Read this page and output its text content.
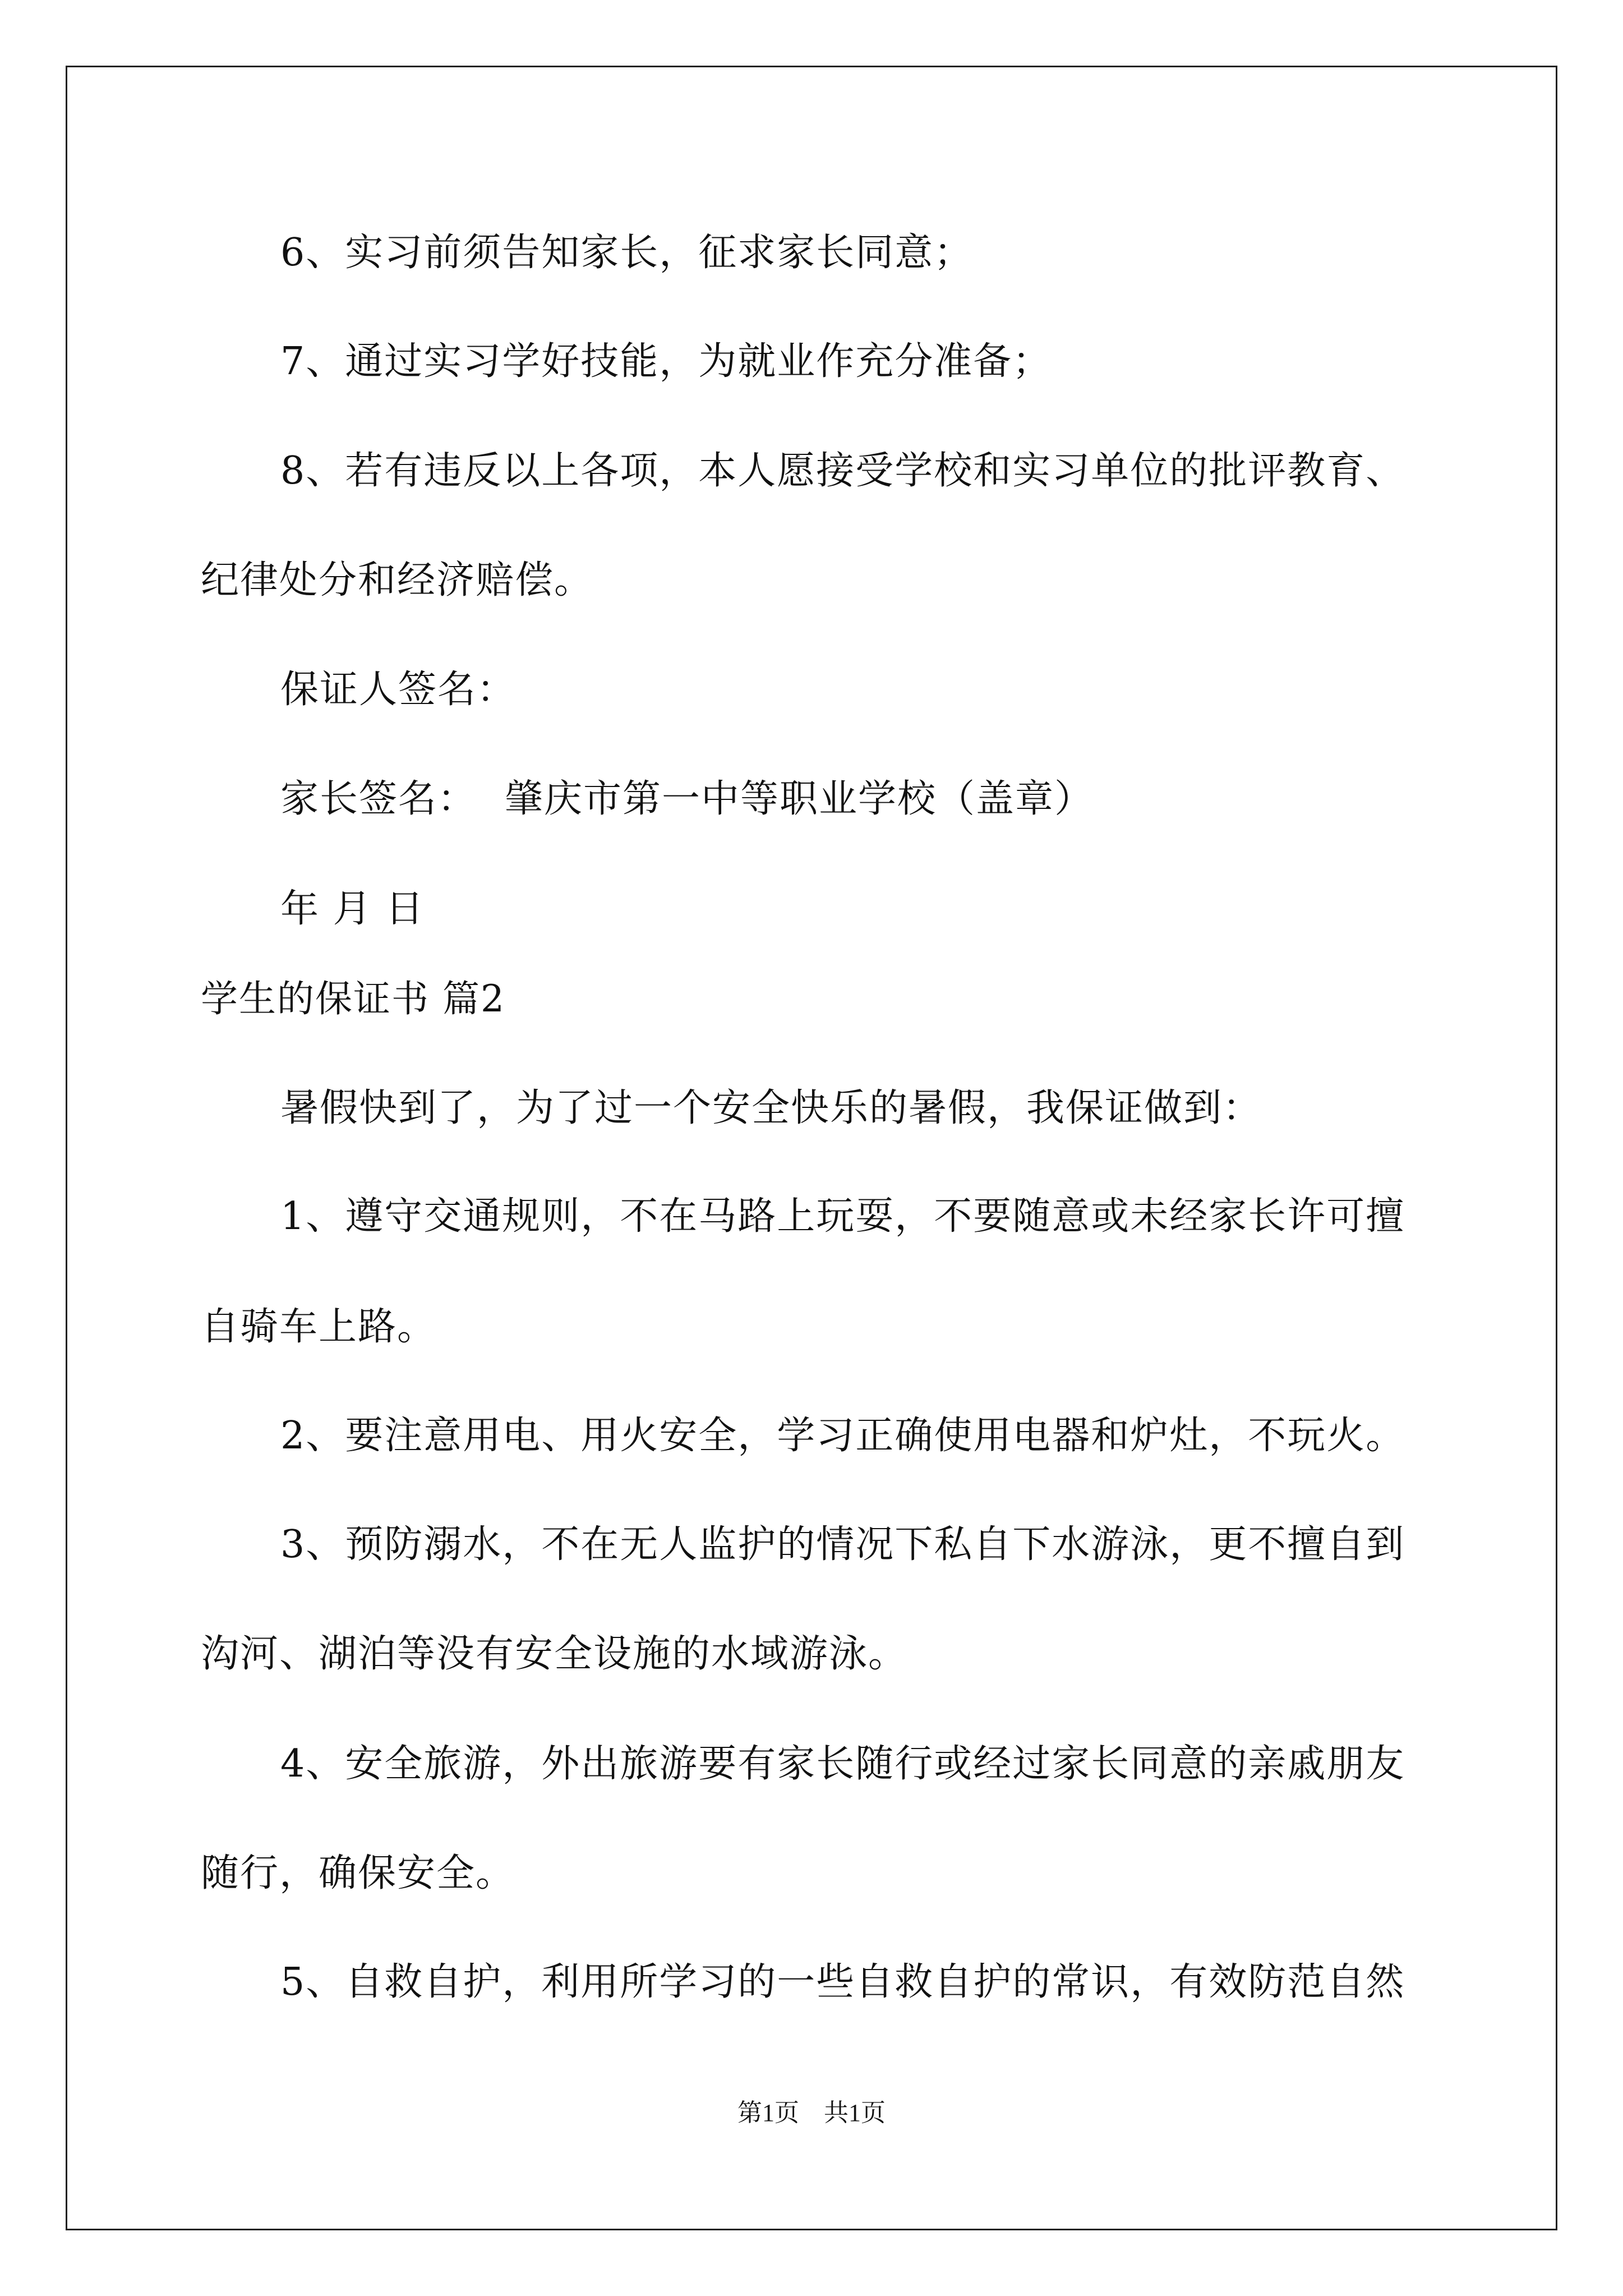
6、实习前须告知家长，征求家长同意；
7、通过实习学好技能，为就业作充分准备；
8、若有违反以上各项，本人愿接受学校和实习单位的批评教育、
纪律处分和经济赔偿。
保证人签名：
家长签名： 肇庆市第一中等职业学校（盖章）
年 月 日
学生的保证书 篇2
暑假快到了，为了过一个安全快乐的暑假，我保证做到：
1、遵守交通规则，不在马路上玩耍，不要随意或未经家长许可擅
自骑车上路。
2、要注意用电、用火安全，学习正确使用电器和炉灶，不玩火。
3、预防溺水，不在无人监护的情况下私自下水游泳，更不擅自到
沟河、湖泊等没有安全设施的水域游泳。
4、安全旅游，外出旅游要有家长随行或经过家长同意的亲戚朋友
随行，确保安全。
5、自救自护，利用所学习的一些自救自护的常识，有效防范自然
第1页 共1页
